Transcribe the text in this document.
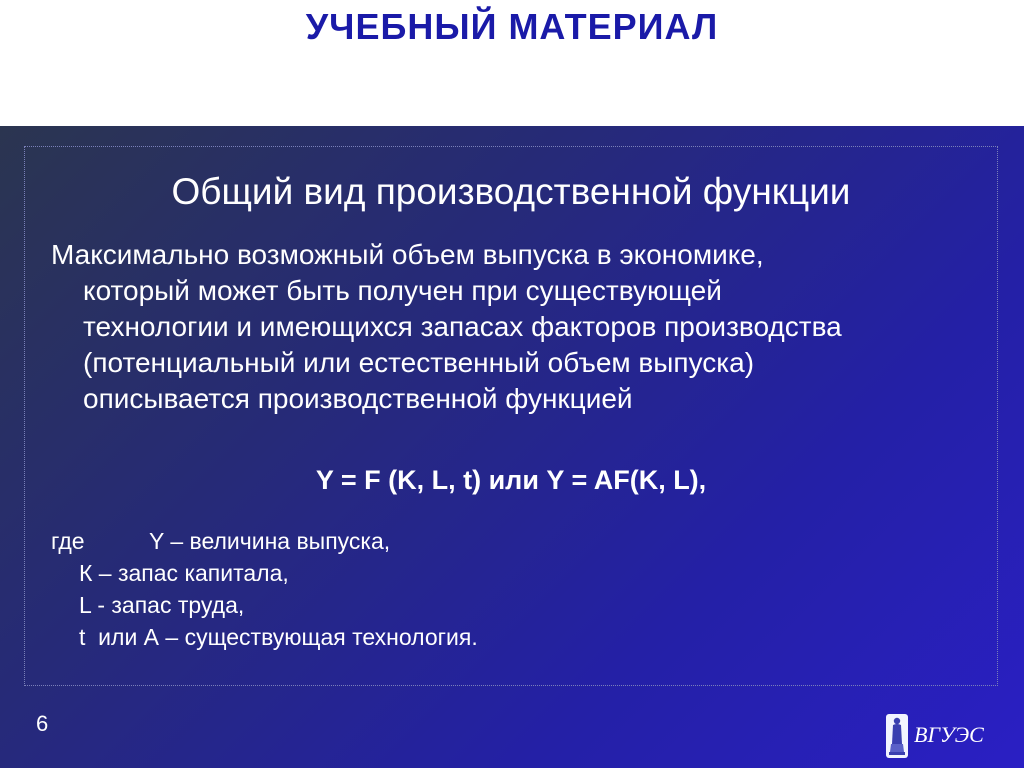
УЧЕБНЫЙ МАТЕРИАЛ
Общий вид производственной функции
Максимально возможный объем выпуска в экономике,
который может быть получен при существующей
технологии и имеющихся запасах факторов производства
(потенциальный или естественный объем выпуска)
описывается производственной функцией
Y = F (K, L, t) или Y = AF(K, L),
где	Y – величина выпуска,
К – запас капитала,
L - запас труда,
t  или А – существующая технология.
6	ВГУЭС
